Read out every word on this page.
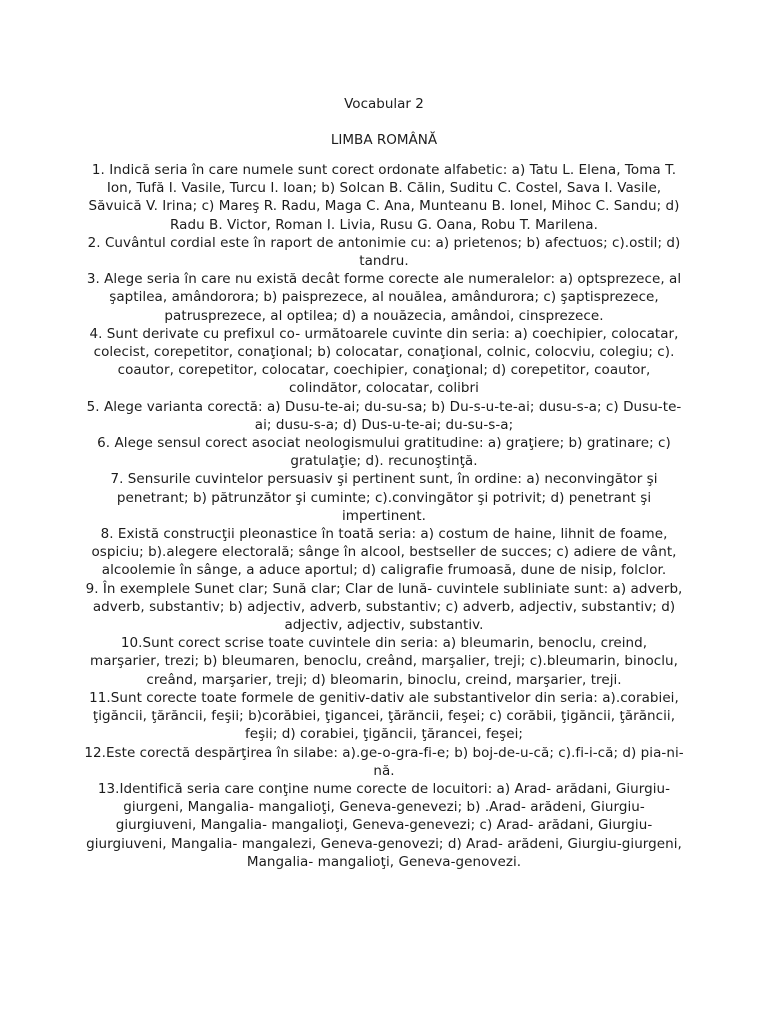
Vocabular 2
LIMBA ROMÂNĂ
1. Indică seria în care numele sunt corect ordonate alfabetic: a) Tatu L. Elena, Toma T. Ion, Tufă I. Vasile, Turcu I. Ioan; b) Solcan B. Călin, Suditu C. Costel, Sava I. Vasile, Săvuică V. Irina; c) Mareş R. Radu, Maga C. Ana, Munteanu B. Ionel, Mihoc C. Sandu; d) Radu B. Victor, Roman I. Livia, Rusu G. Oana, Robu T. Marilena.
2. Cuvântul cordial este în raport de antonimie cu: a) prietenos; b) afectuos; c).ostil; d) tandru.
3. Alege seria în care nu există decât forme corecte ale numeralelor: a) optsprezece, al şaptilea, amândorora; b) paisprezece, al nouălea, amândurora; c) şaptisprezece, patrusprezece, al optilea; d) a nouăzecia, amândoi, cinsprezece.
4. Sunt derivate cu prefixul co- următoarele cuvinte din seria: a) coechipier, colocatar, colecist, corepetitor, conaţional; b) colocatar, conaţional, colnic, colocviu, colegiu; c). coautor, corepetitor, colocatar, coechipier, conaţional; d) corepetitor, coautor, colindător, colocatar, colibri
5. Alege varianta corectă: a) Dusu-te-ai; du-su-sa; b) Du-s-u-te-ai; dusu-s-a; c) Dusu-te-ai; dusu-s-a; d) Dus-u-te-ai; du-su-s-a;
6. Alege sensul corect asociat neologismului gratitudine: a) graţiere; b) gratinare; c) gratulaţie; d). recunoştinţă.
7. Sensurile cuvintelor persuasiv şi pertinent sunt, în ordine: a) neconvingător şi penetrant; b) pătrunzător şi cuminte; c).convingător şi potrivit; d) penetrant şi impertinent.
8. Există construcţii pleonastice în toată seria: a) costum de haine, lihnit de foame, ospiciu; b).alegere electorală; sânge în alcool, bestseller de succes; c) adiere de vânt, alcoolemie în sânge, a aduce aportul; d) caligrafie frumoasă, dune de nisip, folclor.
9. În exemplele Sunet clar; Sună clar; Clar de lună- cuvintele subliniate sunt: a) adverb, adverb, substantiv; b) adjectiv, adverb, substantiv; c) adverb, adjectiv, substantiv; d) adjectiv, adjectiv, substantiv.
10.Sunt corect scrise toate cuvintele din seria: a) bleumarin, benoclu, creind, marşarier, trezi; b) bleumaren, benoclu, creând, marşalier, treji; c).bleumarin, binoclu, creând, marşarier, treji; d) bleomarin, binoclu, creind, marşarier, treji.
11.Sunt corecte toate formele de genitiv-dativ ale substantivelor din seria: a).corabiei, ţigăncii, ţărăncii, feşii; b)corăbiei, ţigancei, ţărăncii, feşei; c) corăbii, ţigăncii, ţărăncii, feşii; d) corabiei, ţigăncii, ţărancei, feşei;
12.Este corectă despărţirea în silabe: a).ge-o-gra-fi-e; b) boj-de-u-că; c).fi-i-că; d) pia-ni-nă.
13.Identifică seria care conţine nume corecte de locuitori: a) Arad- arădani, Giurgiu-giurgeni, Mangalia- mangalioţi, Geneva-genevezi; b) .Arad- arădeni, Giurgiu-giurgiuveni, Mangalia- mangalioţi, Geneva-genevezi; c) Arad- arădani, Giurgiu-giurgiuveni, Mangalia- mangalezi, Geneva-genovezi; d) Arad- arădeni, Giurgiu-giurgeni, Mangalia- mangalioţi, Geneva-genovezi.
